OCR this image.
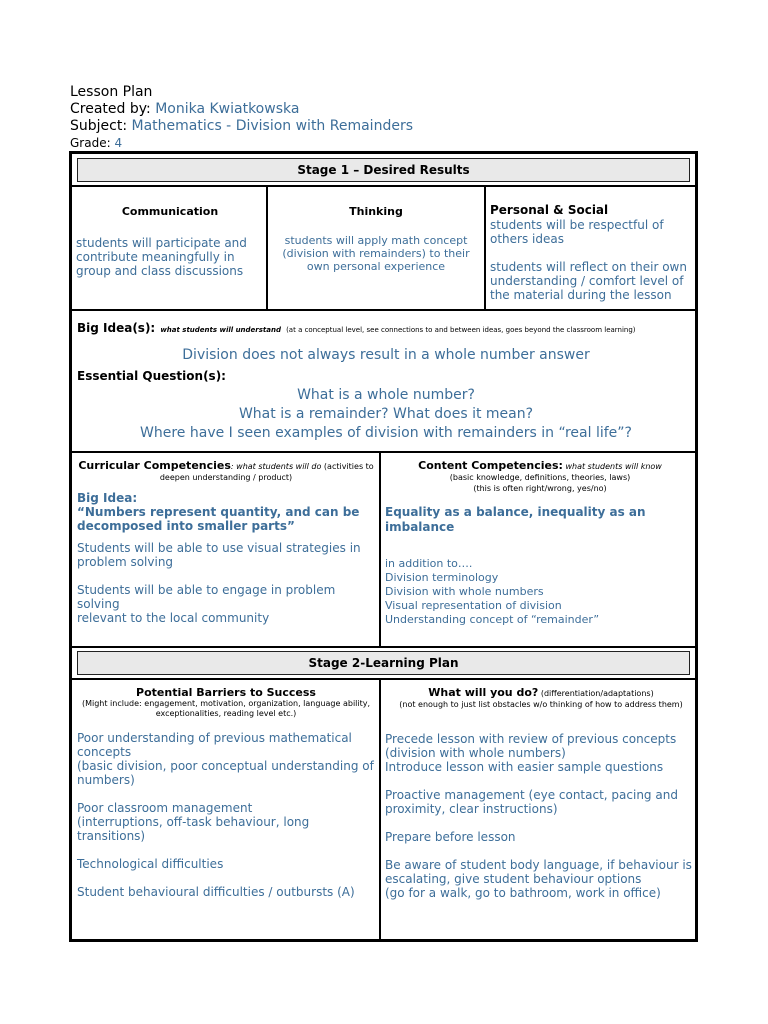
Lesson Plan
Created by: Monika Kwiatkowska
Subject: Mathematics - Division with Remainders
Grade: 4
Stage 1 – Desired Results
Communication

students will participate and contribute meaningfully in group and class discussions

Thinking

students will apply math concept (division with remainders) to their own personal experience

Personal & Social

students will be respectful of others ideas

students will reflect on their own understanding / comfort level of the material during the lesson

Big Idea(s): what students will understand (at a conceptual level, see connections to and between ideas, goes beyond the classroom learning)
Division does not always result in a whole number answer
Essential Question(s):
What is a whole number?
What is a remainder? What does it mean?
Where have I seen examples of division with remainders in “real life”?
Curricular Competencies: what students will do (activities to deepen understanding / product)
Big Idea:
“Numbers represent quantity, and can be decomposed into smaller parts”

Students will be able to use visual strategies in problem solving

Students will be able to engage in problem solving

relevant to the local community

Content Competencies: what students will know
(basic knowledge, definitions, theories, laws)
(this is often right/wrong, yes/no)
Equality as a balance, inequality as an imbalance

in addition to….

Division terminology
Division with whole numbers
Visual representation of division
Understanding concept of “remainder”
Stage 2-Learning Plan
Potential Barriers to Success
(Might include: engagement, motivation, organization, language ability, exceptionalities, reading level etc.)

Poor understanding of previous mathematical concepts

(basic division, poor conceptual understanding of numbers)

Poor classroom management

(interruptions, off-task behaviour, long transitions)

Technological difficulties

Student behavioural difficulties / outbursts (A)

What will you do? (differentiation/adaptations)
(not enough to just list obstacles w/o thinking of how to address them)

Precede lesson with review of previous concepts (division with whole numbers)

Introduce lesson with easier sample questions

Proactive management (eye contact, pacing and proximity, clear instructions)

Prepare before lesson

Be aware of student body language, if behaviour is escalating, give student behaviour options

(go for a walk, go to bathroom, work in office)
